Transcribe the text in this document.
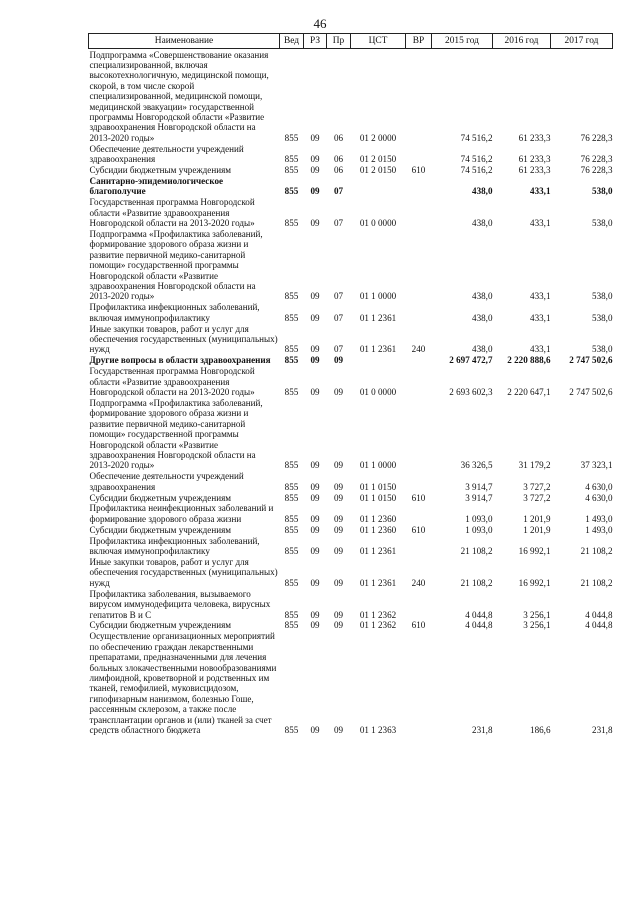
46
Наименование	Вед	РЗ	Пр	ЦСТ	ВР	2015 год	2016 год	2017 год
Подпрограмма «Совершенствование оказания специализированной, включая высокотехнологичную, медицинской помощи, скорой, в том числе скорой специализированной, медицинской помощи, медицинской эвакуации» государственной программы Новгородской области «Развитие здравоохранения Новгородской области на 2013-2020 годы»	855	09	06	01 2 0000		74 516,2	61 233,3	76 228,3
Обеспечение деятельности учреждений здравоохранения	855	09	06	01 2 0150		74 516,2	61 233,3	76 228,3
Субсидии бюджетным учреждениям	855	09	06	01 2 0150	610	74 516,2	61 233,3	76 228,3
Санитарно-эпидемиологическое благополучие	855	09	07			438,0	433,1	538,0
Государственная программа Новгородской области «Развитие здравоохранения Новгородской области на 2013-2020 годы»	855	09	07	01 0 0000		438,0	433,1	538,0
Подпрограмма «Профилактика заболеваний, формирование здорового образа жизни и развитие первичной медико-санитарной помощи» государственной программы Новгородской области «Развитие здравоохранения Новгородской области на 2013-2020 годы»	855	09	07	01 1 0000		438,0	433,1	538,0
Профилактика инфекционных заболеваний, включая иммунопрофилактику	855	09	07	01 1 2361		438,0	433,1	538,0
Иные закупки товаров, работ и услуг для обеспечения государственных (муниципальных) нужд	855	09	07	01 1 2361	240	438,0	433,1	538,0
Другие вопросы в области здравоохранения	855	09	09			2 697 472,7	2 220 888,6	2 747 502,6
Государственная программа Новгородской области «Развитие здравоохранения Новгородской области на 2013-2020 годы»	855	09	09	01 0 0000		2 693 602,3	2 220 647,1	2 747 502,6
Подпрограмма «Профилактика заболеваний, формирование здорового образа жизни и развитие первичной медико-санитарной помощи» государственной программы Новгородской области «Развитие здравоохранения Новгородской области на 2013-2020 годы»	855	09	09	01 1 0000		36 326,5	31 179,2	37 323,1
Обеспечение деятельности учреждений здравоохранения	855	09	09	01 1 0150		3 914,7	3 727,2	4 630,0
Субсидии бюджетным учреждениям	855	09	09	01 1 0150	610	3 914,7	3 727,2	4 630,0
Профилактика неинфекционных заболеваний и формирование здорового образа жизни	855	09	09	01 1 2360		1 093,0	1 201,9	1 493,0
Субсидии бюджетным учреждениям	855	09	09	01 1 2360	610	1 093,0	1 201,9	1 493,0
Профилактика инфекционных заболеваний, включая иммунопрофилактику	855	09	09	01 1 2361		21 108,2	16 992,1	21 108,2
Иные закупки товаров, работ и услуг для обеспечения государственных (муниципальных) нужд	855	09	09	01 1 2361	240	21 108,2	16 992,1	21 108,2
Профилактика заболевания, вызываемого вирусом иммунодефицита человека, вирусных гепатитов В и С	855	09	09	01 1 2362		4 044,8	3 256,1	4 044,8
Субсидии бюджетным учреждениям	855	09	09	01 1 2362	610	4 044,8	3 256,1	4 044,8
Осуществление организационных мероприятий по обеспечению граждан лекарственными препаратами, предназначенными для лечения больных злокачественными новообразованиями лимфоидной, кроветворной и родственных им тканей, гемофилией, муковисцидозом, гипофизарным нанизмом, болезнью Гоше, рассеянным склерозом, а также после трансплантации органов и (или) тканей за счет средств областного бюджета	855	09	09	01 1 2363		231,8	186,6	231,8
